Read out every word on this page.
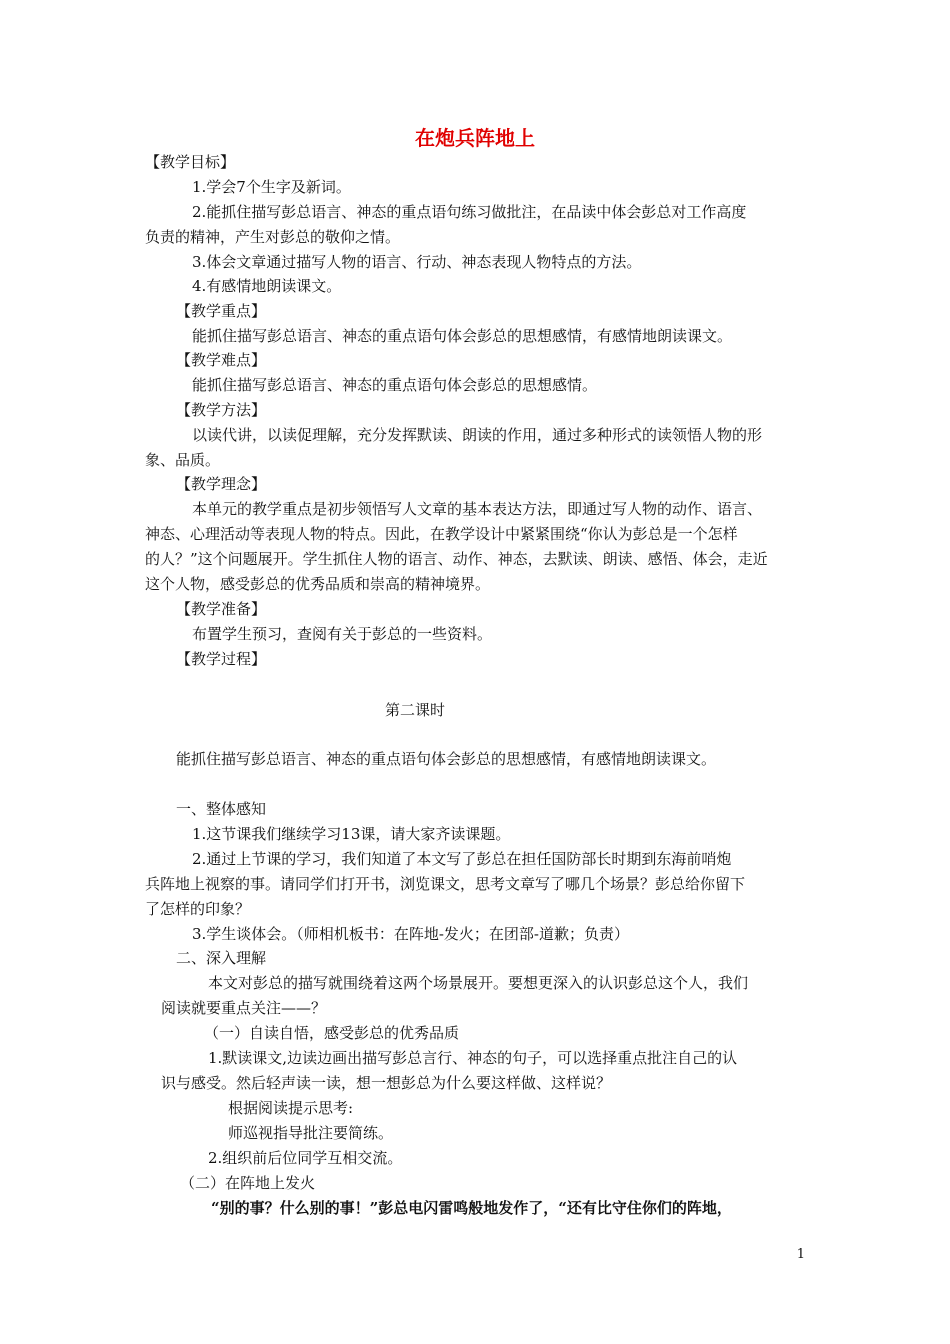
在炮兵阵地上
【教学目标】
1.学会7个生字及新词。
2.能抓住描写彭总语言、神态的重点语句练习做批注，在品读中体会彭总对工作高度
负责的精神，产生对彭总的敬仰之情。
3.体会文章通过描写人物的语言、行动、神态表现人物特点的方法。
4.有感情地朗读课文。
【教学重点】
能抓住描写彭总语言、神态的重点语句体会彭总的思想感情，有感情地朗读课文。
【教学难点】
能抓住描写彭总语言、神态的重点语句体会彭总的思想感情。
【教学方法】
以读代讲，以读促理解，充分发挥默读、朗读的作用，通过多种形式的读领悟人物的形
象、品质。
【教学理念】
本单元的教学重点是初步领悟写人文章的基本表达方法，即通过写人物的动作、语言、
神态、心理活动等表现人物的特点。因此，在教学设计中紧紧围绕“你认为彭总是一个怎样
的人？”这个问题展开。学生抓住人物的语言、动作、神态，去默读、朗读、感悟、体会，走近
这个人物，感受彭总的优秀品质和崇高的精神境界。
【教学准备】
布置学生预习，查阅有关于彭总的一些资料。
【教学过程】
第二课时
能抓住描写彭总语言、神态的重点语句体会彭总的思想感情，有感情地朗读课文。
一、整体感知
1.这节课我们继续学习13课，请大家齐读课题。
2.通过上节课的学习，我们知道了本文写了彭总在担任国防部长时期到东海前哨炮
兵阵地上视察的事。请同学们打开书，浏览课文，思考文章写了哪几个场景？彭总给你留下
了怎样的印象？
3.学生谈体会。（师相机板书：在阵地-发火；在团部-道歉；负责）
二、深入理解
本文对彭总的描写就围绕着这两个场景展开。要想更深入的认识彭总这个人，我们
阅读就要重点关注——？
（一）自读自悟，感受彭总的优秀品质
1.默读课文,边读边画出描写彭总言行、神态的句子，可以选择重点批注自己的认
识与感受。然后轻声读一读，想一想彭总为什么要这样做、这样说？
根据阅读提示思考:
师巡视指导批注要简练。
2.组织前后位同学互相交流。
（二）在阵地上发火
“别的事？什么别的事！”彭总电闪雷鸣般地发作了，“还有比守住你们的阵地，
1
